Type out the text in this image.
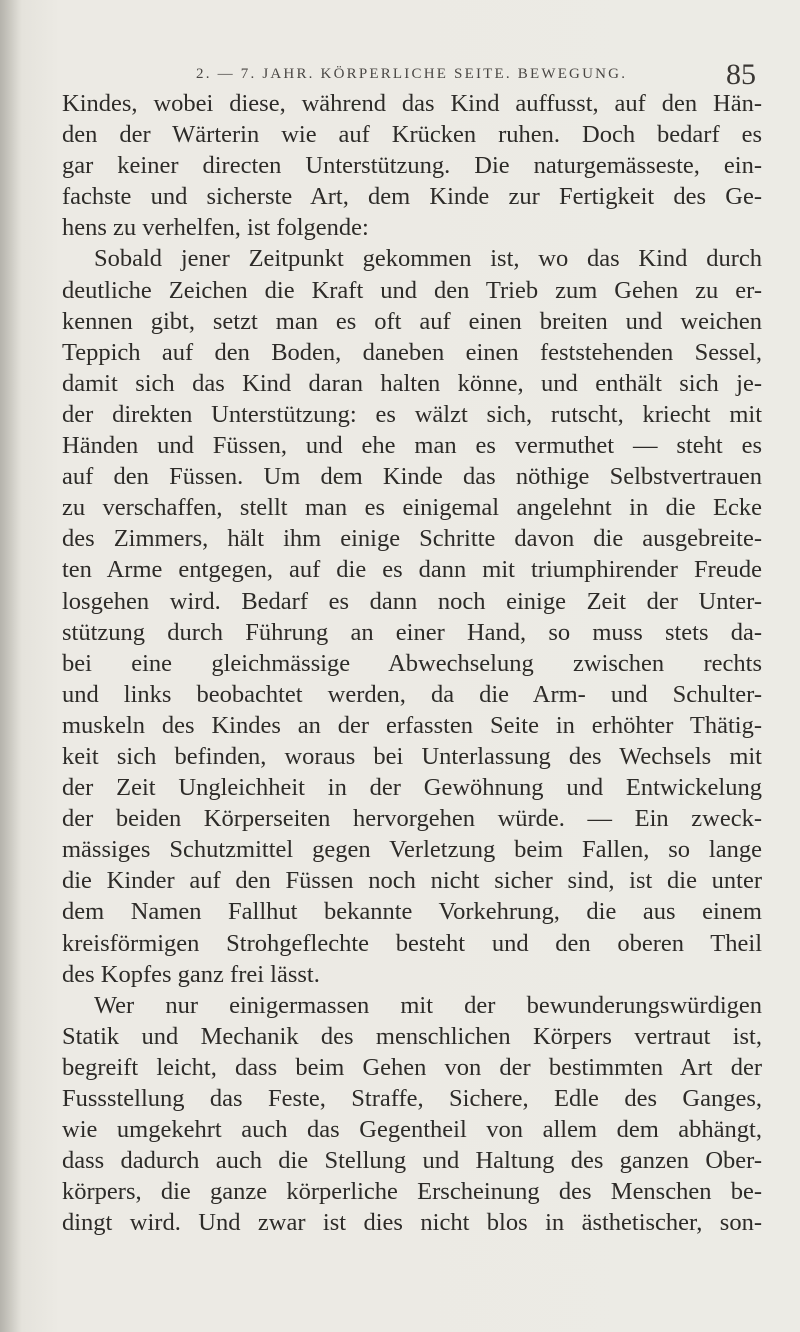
2. — 7. JAHR. KÖRPERLICHE SEITE. BEWEGUNG.	85
Kindes, wobei diese, während das Kind auffusst, auf den Hän-
den der Wärterin wie auf Krücken ruhen. Doch bedarf es
gar keiner directen Unterstützung. Die naturgemässeste, ein-
fachste und sicherste Art, dem Kinde zur Fertigkeit des Ge-
hens zu verhelfen, ist folgende:
Sobald jener Zeitpunkt gekommen ist, wo das Kind durch
deutliche Zeichen die Kraft und den Trieb zum Gehen zu er-
kennen gibt, setzt man es oft auf einen breiten und weichen
Teppich auf den Boden, daneben einen feststehenden Sessel,
damit sich das Kind daran halten könne, und enthält sich je-
der direkten Unterstützung: es wälzt sich, rutscht, kriecht mit
Händen und Füssen, und ehe man es vermuthet — steht es
auf den Füssen. Um dem Kinde das nöthige Selbstvertrauen
zu verschaffen, stellt man es einigemal angelehnt in die Ecke
des Zimmers, hält ihm einige Schritte davon die ausgebreite-
ten Arme entgegen, auf die es dann mit triumphirender Freude
losgehen wird. Bedarf es dann noch einige Zeit der Unter-
stützung durch Führung an einer Hand, so muss stets da-
bei eine gleichmässige Abwechselung zwischen rechts
und links beobachtet werden, da die Arm- und Schulter-
muskeln des Kindes an der erfassten Seite in erhöhter Thätig-
keit sich befinden, woraus bei Unterlassung des Wechsels mit
der Zeit Ungleichheit in der Gewöhnung und Entwickelung
der beiden Körperseiten hervorgehen würde. — Ein zweck-
mässiges Schutzmittel gegen Verletzung beim Fallen, so lange
die Kinder auf den Füssen noch nicht sicher sind, ist die unter
dem Namen Fallhut bekannte Vorkehrung, die aus einem
kreisförmigen Strohgeflechte besteht und den oberen Theil
des Kopfes ganz frei lässt.
Wer nur einigermassen mit der bewunderungswürdigen
Statik und Mechanik des menschlichen Körpers vertraut ist,
begreift leicht, dass beim Gehen von der bestimmten Art der
Fussstellung das Feste, Straffe, Sichere, Edle des Ganges,
wie umgekehrt auch das Gegentheil von allem dem abhängt,
dass dadurch auch die Stellung und Haltung des ganzen Ober-
körpers, die ganze körperliche Erscheinung des Menschen be-
dingt wird. Und zwar ist dies nicht blos in ästhetischer, son-
